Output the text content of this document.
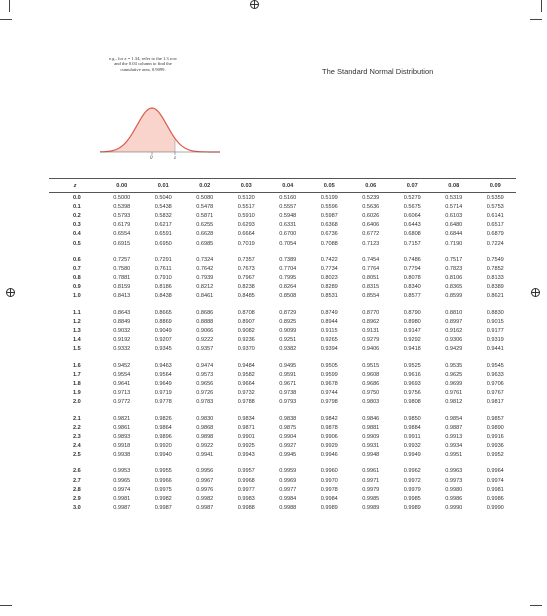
The Standard Normal Distribution
e.g., for z = 1.34, refer to the 1.3 row and the 0.04 column to find the cumulative area, 0.9099.
0	z
z	0.00	0.01	0.02	0.03	0.04	0.05	0.06	0.07	0.08	0.09
0.0	0.5000	0.5040	0.5080	0.5120	0.5160	0.5199	0.5239	0.5279	0.5319	0.5359
0.1	0.5398	0.5438	0.5478	0.5517	0.5557	0.5596	0.5636	0.5675	0.5714	0.5753
0.2	0.5793	0.5832	0.5871	0.5910	0.5948	0.5987	0.6026	0.6064	0.6103	0.6141
0.3	0.6179	0.6217	0.6255	0.6293	0.6331	0.6368	0.6406	0.6443	0.6480	0.6517
0.4	0.6554	0.6591	0.6628	0.6664	0.6700	0.6736	0.6772	0.6808	0.6844	0.6879
0.5	0.6915	0.6950	0.6985	0.7019	0.7054	0.7088	0.7123	0.7157	0.7190	0.7224

0.6	0.7257	0.7291	0.7324	0.7357	0.7389	0.7422	0.7454	0.7486	0.7517	0.7549
0.7	0.7580	0.7611	0.7642	0.7673	0.7704	0.7734	0.7764	0.7794	0.7823	0.7852
0.8	0.7881	0.7910	0.7939	0.7967	0.7995	0.8023	0.8051	0.8078	0.8106	0.8133
0.9	0.8159	0.8186	0.8212	0.8238	0.8264	0.8289	0.8315	0.8340	0.8365	0.8389
1.0	0.8413	0.8438	0.8461	0.8485	0.8508	0.8531	0.8554	0.8577	0.8599	0.8621

1.1	0.8643	0.8665	0.8686	0.8708	0.8729	0.8749	0.8770	0.8790	0.8810	0.8830
1.2	0.8849	0.8869	0.8888	0.8907	0.8925	0.8944	0.8962	0.8980	0.8997	0.9015
1.3	0.9032	0.9049	0.9066	0.9082	0.9099	0.9115	0.9131	0.9147	0.9162	0.9177
1.4	0.9192	0.9207	0.9222	0.9236	0.9251	0.9265	0.9279	0.9292	0.9306	0.9319
1.5	0.9332	0.9345	0.9357	0.9370	0.9382	0.9394	0.9406	0.9418	0.9429	0.9441

1.6	0.9452	0.9463	0.9474	0.9484	0.9495	0.9505	0.9515	0.9525	0.9535	0.9545
1.7	0.9554	0.9564	0.9573	0.9582	0.9591	0.9599	0.9608	0.9616	0.9625	0.9633
1.8	0.9641	0.9649	0.9656	0.9664	0.9671	0.9678	0.9686	0.9693	0.9699	0.9706
1.9	0.9713	0.9719	0.9726	0.9732	0.9738	0.9744	0.9750	0.9756	0.9761	0.9767
2.0	0.9772	0.9778	0.9783	0.9788	0.9793	0.9798	0.9803	0.9808	0.9812	0.9817

2.1	0.9821	0.9826	0.9830	0.9834	0.9838	0.9842	0.9846	0.9850	0.9854	0.9857
2.2	0.9861	0.9864	0.9868	0.9871	0.9875	0.9878	0.9881	0.9884	0.9887	0.9890
2.3	0.9893	0.9896	0.9898	0.9901	0.9904	0.9906	0.9909	0.9911	0.9913	0.9916
2.4	0.9918	0.9920	0.9922	0.9925	0.9927	0.9929	0.9931	0.9932	0.9934	0.9936
2.5	0.9938	0.9940	0.9941	0.9943	0.9945	0.9946	0.9948	0.9949	0.9951	0.9952

2.6	0.9953	0.9955	0.9956	0.9957	0.9959	0.9960	0.9961	0.9962	0.9963	0.9964
2.7	0.9965	0.9966	0.9967	0.9968	0.9969	0.9970	0.9971	0.9972	0.9973	0.9974
2.8	0.9974	0.9975	0.9976	0.9977	0.9977	0.9978	0.9979	0.9979	0.9980	0.9981
2.9	0.9981	0.9982	0.9982	0.9983	0.9984	0.9984	0.9985	0.9985	0.9986	0.9986
3.0	0.9987	0.9987	0.9987	0.9988	0.9988	0.9989	0.9989	0.9989	0.9990	0.9990
